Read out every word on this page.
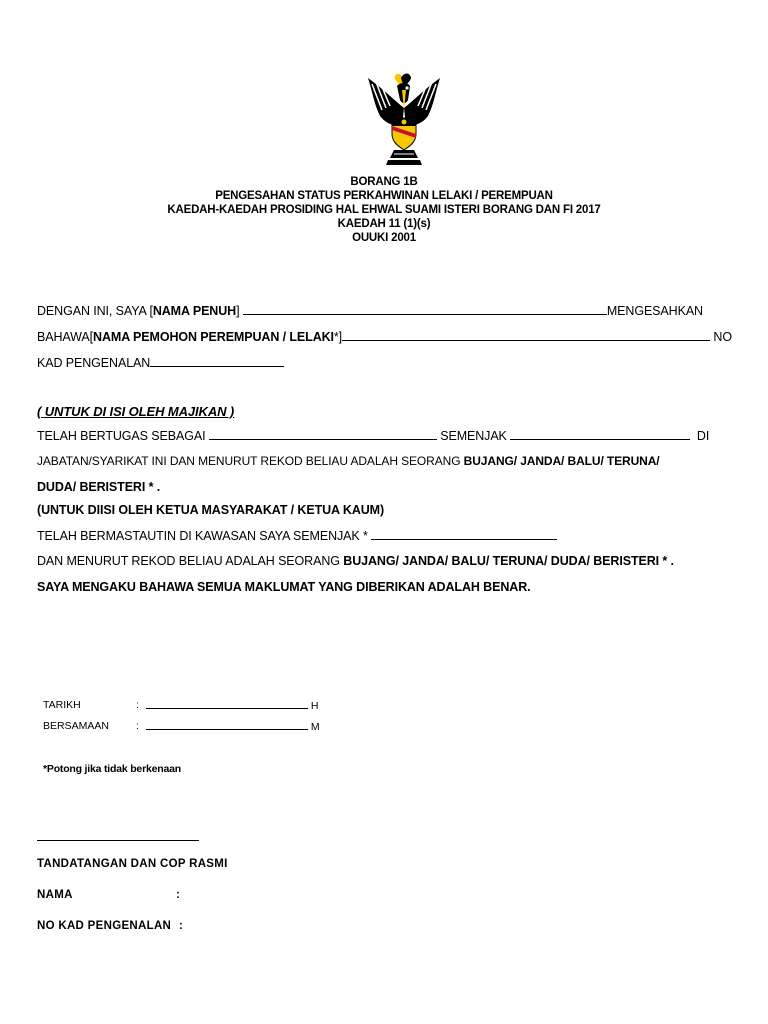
BORANG 1B
PENGESAHAN STATUS PERKAHWINAN LELAKI / PEREMPUAN
KAEDAH-KAEDAH PROSIDING HAL EHWAL SUAMI ISTERI BORANG DAN FI 2017
KAEDAH 11 (1)(s)
OUUKI 2001
DENGAN INI, SAYA [NAMA PENUH]	MENGESAHKAN
BAHAWA[NAMA PEMOHON PEREMPUAN / LELAKI*]	NO
KAD PENGENALAN
( UNTUK DI ISI OLEH MAJIKAN )
TELAH BERTUGAS SEBAGAI	SEMENJAK	DI
JABATAN/SYARIKAT INI DAN MENURUT REKOD BELIAU ADALAH SEORANG BUJANG/ JANDA/ BALU/ TERUNA/
DUDA/ BERISTERI * .
(UNTUK DIISI OLEH KETUA MASYARAKAT / KETUA KAUM)
TELAH BERMASTAUTIN DI KAWASAN SAYA SEMENJAK *
DAN MENURUT REKOD BELIAU ADALAH SEORANG BUJANG/ JANDA/ BALU/ TERUNA/ DUDA/ BERISTERI * .
SAYA MENGAKU BAHAWA SEMUA MAKLUMAT YANG DIBERIKAN ADALAH BENAR.
TARIKH	:	H
BERSAMAAN	:	M
*Potong jika tidak berkenaan
TANDATANGAN DAN COP RASMI
NAMA	:
NO KAD PENGENALAN :
